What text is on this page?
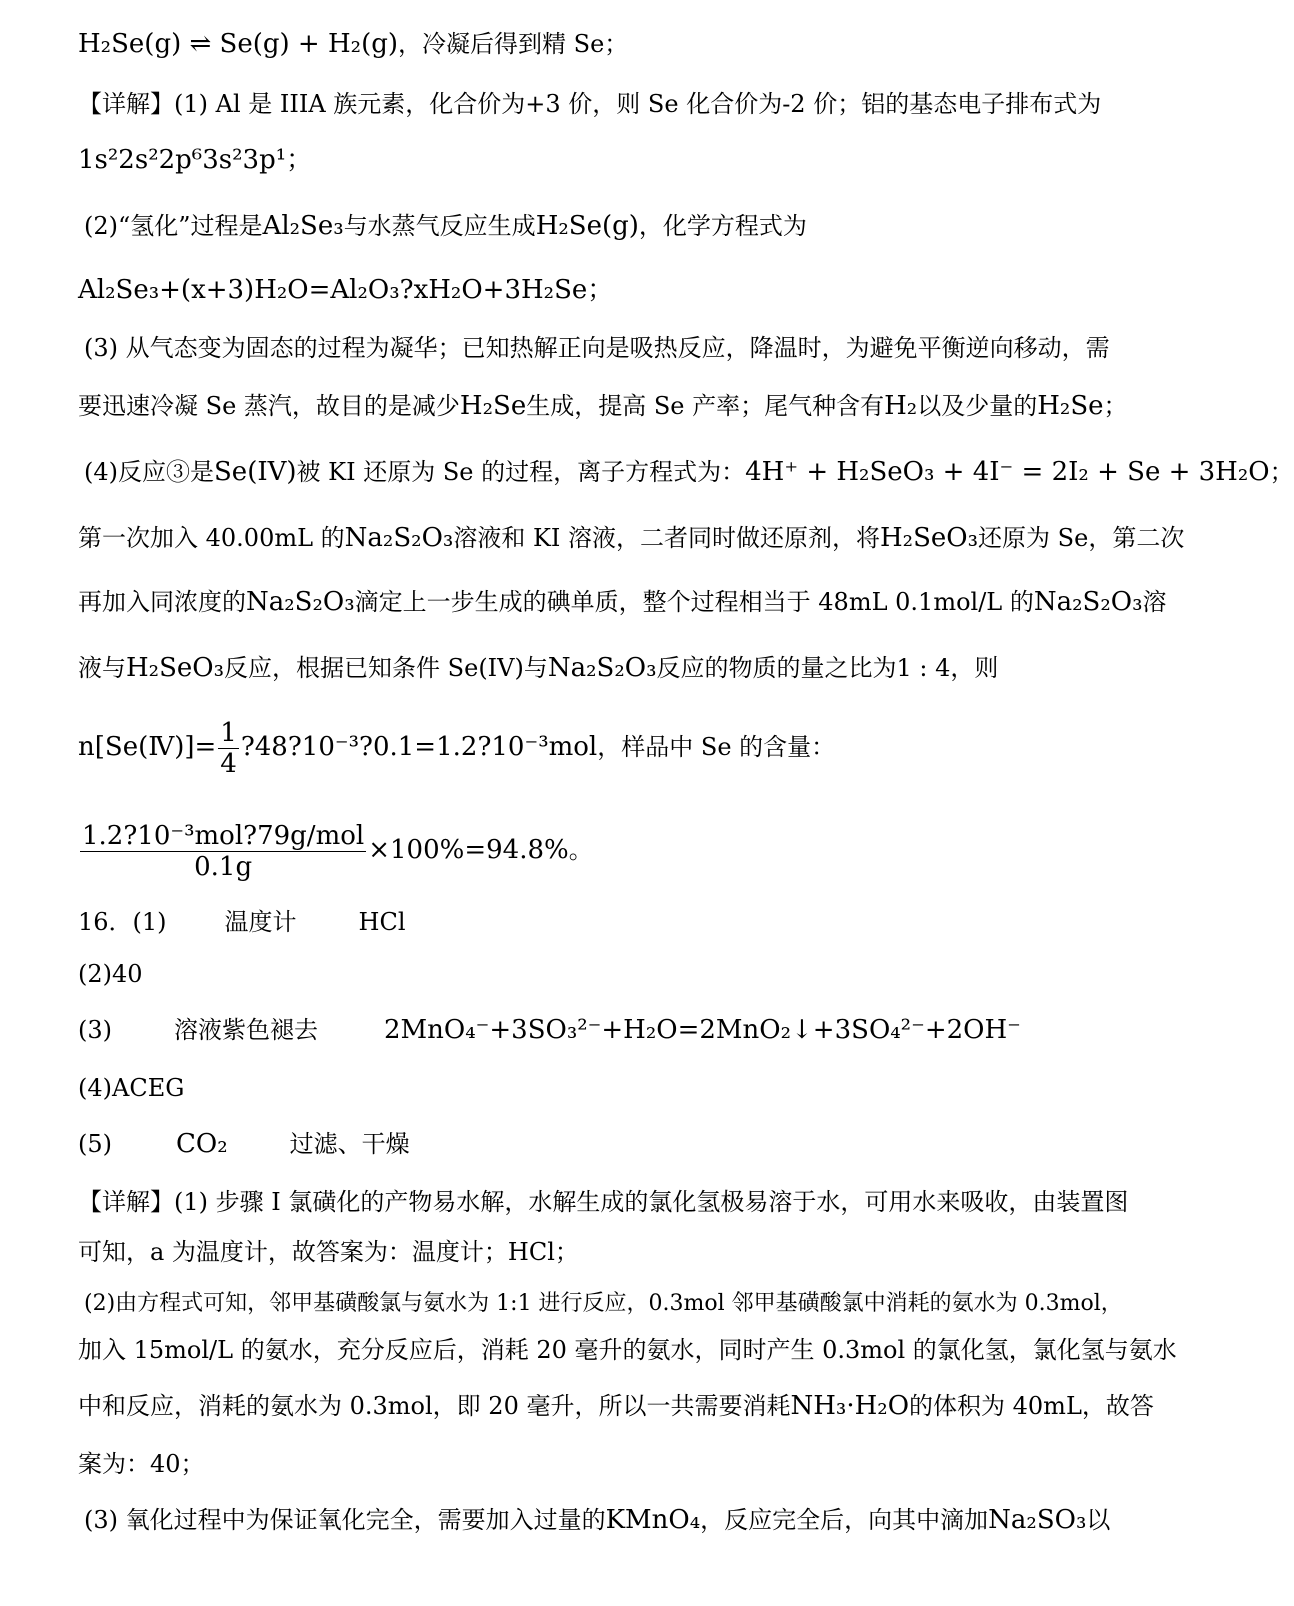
H₂Se(g) ⇌ Se(g) + H₂(g)，冷凝后得到精 Se；
【详解】(1) Al 是 IIIA 族元素，化合价为+3 价，则 Se 化合价为-2 价；铝的基态电子排布式为
1s²2s²2p⁶3s²3p¹；
(2)“氢化”过程是Al₂Se₃与水蒸气反应生成H₂Se(g)，化学方程式为
Al₂Se₃+(x+3)H₂O=Al₂O₃?xH₂O+3H₂Se；
(3) 从气态变为固态的过程为凝华；已知热解正向是吸热反应，降温时，为避免平衡逆向移动，需
要迅速冷凝 Se 蒸汽，故目的是减少H₂Se生成，提高 Se 产率；尾气种含有H₂以及少量的H₂Se；
(4)反应③是Se(IV)被 KI 还原为 Se 的过程，离子方程式为：4H⁺ + H₂SeO₃ + 4I⁻ = 2I₂ + Se + 3H₂O；
第一次加入 40.00mL 的Na₂S₂O₃溶液和 KI 溶液，二者同时做还原剂，将H₂SeO₃还原为 Se，第二次
再加入同浓度的Na₂S₂O₃滴定上一步生成的碘单质，整个过程相当于 48mL 0.1mol/L 的Na₂S₂O₃溶
液与H₂SeO₃反应，根据已知条件 Se(IV)与Na₂S₂O₃反应的物质的量之比为1 : 4，则
n[Se(Ⅳ)]= $\frac{1}{4}$ ?48?10⁻³?0.1=1.2?10⁻³mol，样品中 Se 的含量：
$\frac{\text{1.2?10⁻³mol?79g/mol}}{0.1g} \times 100\%=94.8\%$。
16．(1) 温度计	HCl
(2)40
(3)	溶液紫色褪去	2MnO₄⁻+3SO₃²⁻+H₂O=2MnO₂↓+3SO₄²⁻+2OH⁻
(4)ACEG
(5) CO₂	过滤、干燥
【详解】(1) 步骤 I 氯磺化的产物易水解，水解生成的氯化氢极易溶于水，可用水来吸收，由装置图
可知，a 为温度计，故答案为：温度计；HCl；
(2)由方程式可知，邻甲基磺酸氯与氨水为 1:1 进行反应，0.3mol 邻甲基磺酸氯中消耗的氨水为 0.3mol，
加入 15mol/L 的氨水，充分反应后，消耗 20 毫升的氨水，同时产生 0.3mol 的氯化氢，氯化氢与氨水
中和反应，消耗的氨水为 0.3mol，即 20 毫升，所以一共需要消耗NH₃·H₂O的体积为 40mL，故答
案为：40；
(3) 氧化过程中为保证氧化完全，需要加入过量的KMnO₄，反应完全后，向其中滴加Na₂SO₃以
